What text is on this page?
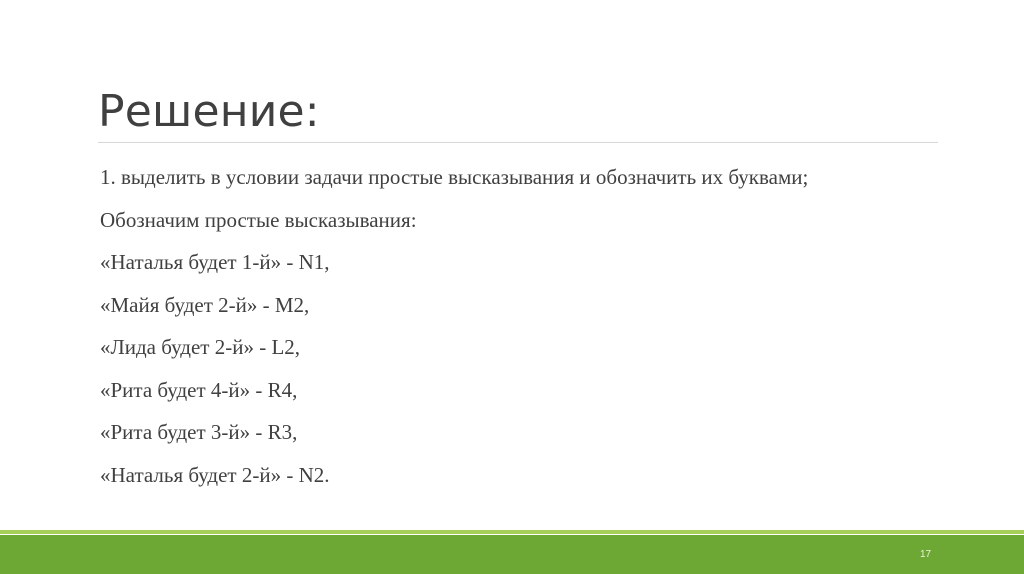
Решение:
1. выделить в условии задачи простые высказывания и обозначить их буквами;
Обозначим простые высказывания:
«Наталья будет 1-й» - N1,
«Майя будет 2-й» - M2,
«Лида будет 2-й» - L2,
«Рита будет 4-й» - R4,
«Рита будет 3-й» - R3,
«Наталья будет 2-й» - N2.
17
